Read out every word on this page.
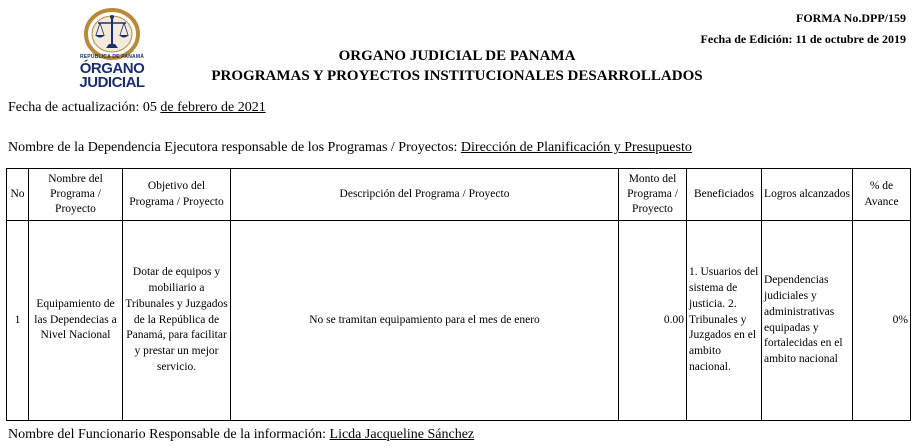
REPÚBLICA DE PANAMÁ
ÓRGANO
JUDICIAL
FORMA No.DPP/159
Fecha de Edición: 11 de octubre de 2019
ORGANO JUDICIAL DE PANAMA
PROGRAMAS Y PROYECTOS INSTITUCIONALES DESARROLLADOS
Fecha de actualización: 05 de febrero de 2021
Nombre de la Dependencia Ejecutora responsable de los Programas / Proyectos: Dirección de Planificación y Presupuesto
No	Nombre del Programa / Proyecto	Objetivo del Programa / Proyecto	Descripción del Programa / Proyecto	Monto del Programa / Proyecto	Beneficiados	Logros alcanzados	% de Avance
1	Equipamiento de las Dependecias a Nivel Nacional	Dotar de equipos y mobiliario a Tribunales y Juzgados de la República de Panamá, para facilitar y prestar un mejor servicio.	No se tramitan equipamiento para el mes de enero	0.00	1. Usuarios del sistema de justicia. 2. Tribunales y Juzgados en el ambito nacional.	Dependencias judiciales y administrativas equipadas y fortalecidas en el ambito nacional	0%
Nombre del Funcionario Responsable de la información: Licda Jacqueline Sánchez
